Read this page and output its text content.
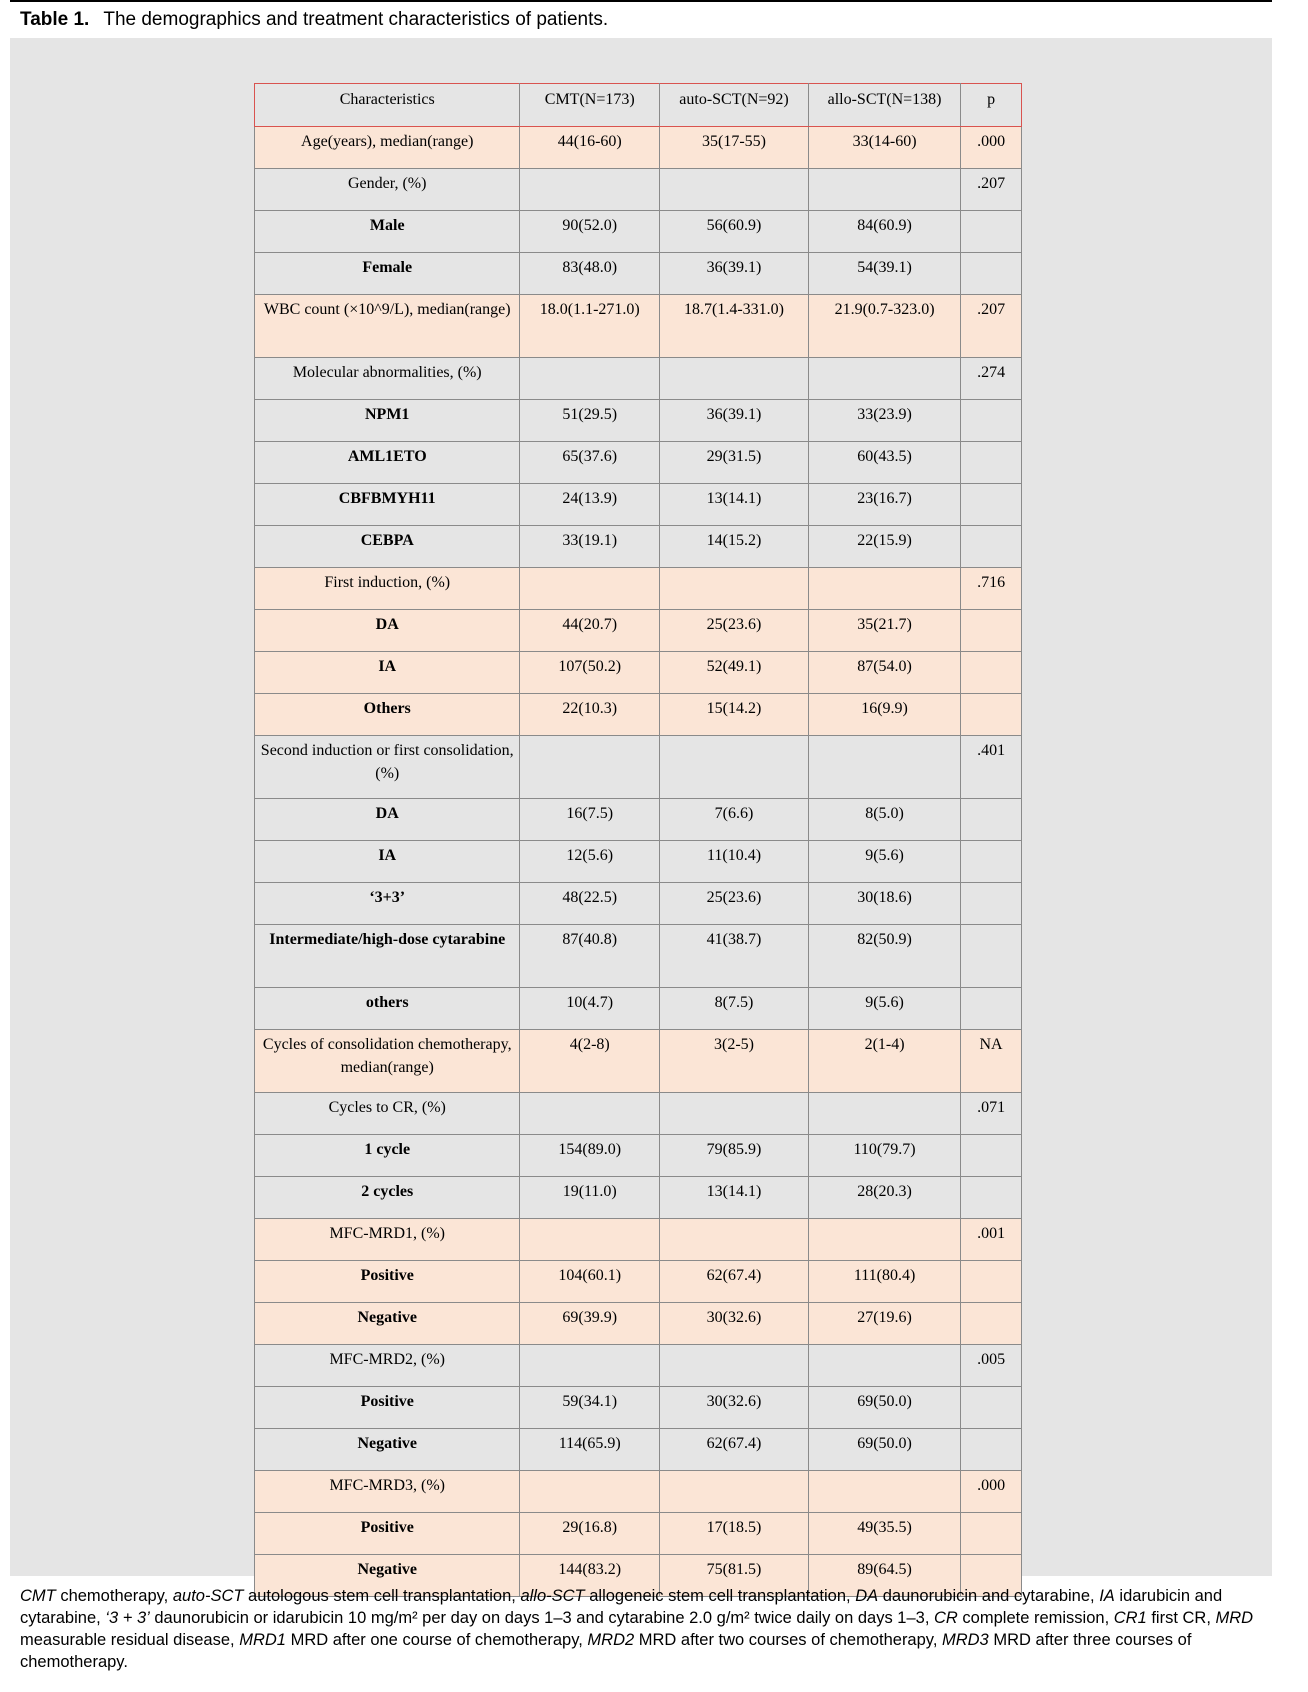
Table 1. The demographics and treatment characteristics of patients.
Characteristics	CMT(N=173)	auto-SCT(N=92)	allo-SCT(N=138)	p
Age(years), median(range)	44(16-60)	35(17-55)	33(14-60)	.000
Gender, (%)				.207
Male	90(52.0)	56(60.9)	84(60.9)	
Female	83(48.0)	36(39.1)	54(39.1)	
WBC count (×10^9/L), median(range)	18.0(1.1-271.0)	18.7(1.4-331.0)	21.9(0.7-323.0)	.207
Molecular abnormalities, (%)				.274
NPM1	51(29.5)	36(39.1)	33(23.9)	
AML1ETO	65(37.6)	29(31.5)	60(43.5)	
CBFBMYH11	24(13.9)	13(14.1)	23(16.7)	
CEBPA	33(19.1)	14(15.2)	22(15.9)	
First induction, (%)				.716
DA	44(20.7)	25(23.6)	35(21.7)	
IA	107(50.2)	52(49.1)	87(54.0)	
Others	22(10.3)	15(14.2)	16(9.9)	
Second induction or first consolidation, (%)				.401
DA	16(7.5)	7(6.6)	8(5.0)	
IA	12(5.6)	11(10.4)	9(5.6)	
‘3+3’	48(22.5)	25(23.6)	30(18.6)	
Intermediate/high-dose cytarabine	87(40.8)	41(38.7)	82(50.9)	
others	10(4.7)	8(7.5)	9(5.6)	
Cycles of consolidation chemotherapy, median(range)	4(2-8)	3(2-5)	2(1-4)	NA
Cycles to CR, (%)				.071
1 cycle	154(89.0)	79(85.9)	110(79.7)	
2 cycles	19(11.0)	13(14.1)	28(20.3)	
MFC-MRD1, (%)				.001
Positive	104(60.1)	62(67.4)	111(80.4)	
Negative	69(39.9)	30(32.6)	27(19.6)	
MFC-MRD2, (%)				.005
Positive	59(34.1)	30(32.6)	69(50.0)	
Negative	114(65.9)	62(67.4)	69(50.0)	
MFC-MRD3, (%)				.000
Positive	29(16.8)	17(18.5)	49(35.5)	
Negative	144(83.2)	75(81.5)	89(64.5)	
CMT chemotherapy, auto-SCT autologous stem cell transplantation, allo-SCT allogeneic stem cell transplantation, DA daunorubicin and cytarabine, IA idarubicin and cytarabine, ‘3 + 3’ daunorubicin or idarubicin 10 mg/m² per day on days 1–3 and cytarabine 2.0 g/m² twice daily on days 1–3, CR complete remission, CR1 first CR, MRD measurable residual disease, MRD1 MRD after one course of chemotherapy, MRD2 MRD after two courses of chemotherapy, MRD3 MRD after three courses of chemotherapy.
